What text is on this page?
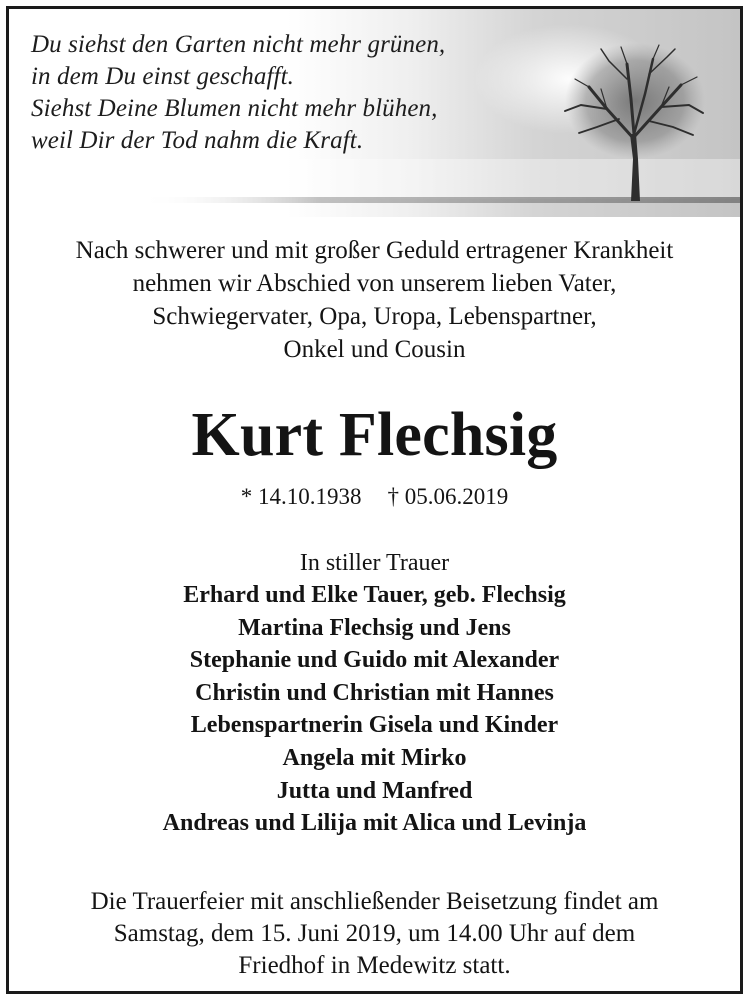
Du siehst den Garten nicht mehr grünen,
in dem Du einst geschafft.
Siehst Deine Blumen nicht mehr blühen,
weil Dir der Tod nahm die Kraft.
Nach schwerer und mit großer Geduld ertragener Krankheit
nehmen wir Abschied von unserem lieben Vater,
Schwiegervater, Opa, Uropa, Lebenspartner,
Onkel und Cousin
Kurt Flechsig
* 14.10.1938 † 05.06.2019
In stiller Trauer
Erhard und Elke Tauer, geb. Flechsig
Martina Flechsig und Jens
Stephanie und Guido mit Alexander
Christin und Christian mit Hannes
Lebenspartnerin Gisela und Kinder
Angela mit Mirko
Jutta und Manfred
Andreas und Lilija mit Alica und Levinja
Die Trauerfeier mit anschließender Beisetzung findet am
Samstag, dem 15. Juni 2019, um 14.00 Uhr auf dem
Friedhof in Medewitz statt.
